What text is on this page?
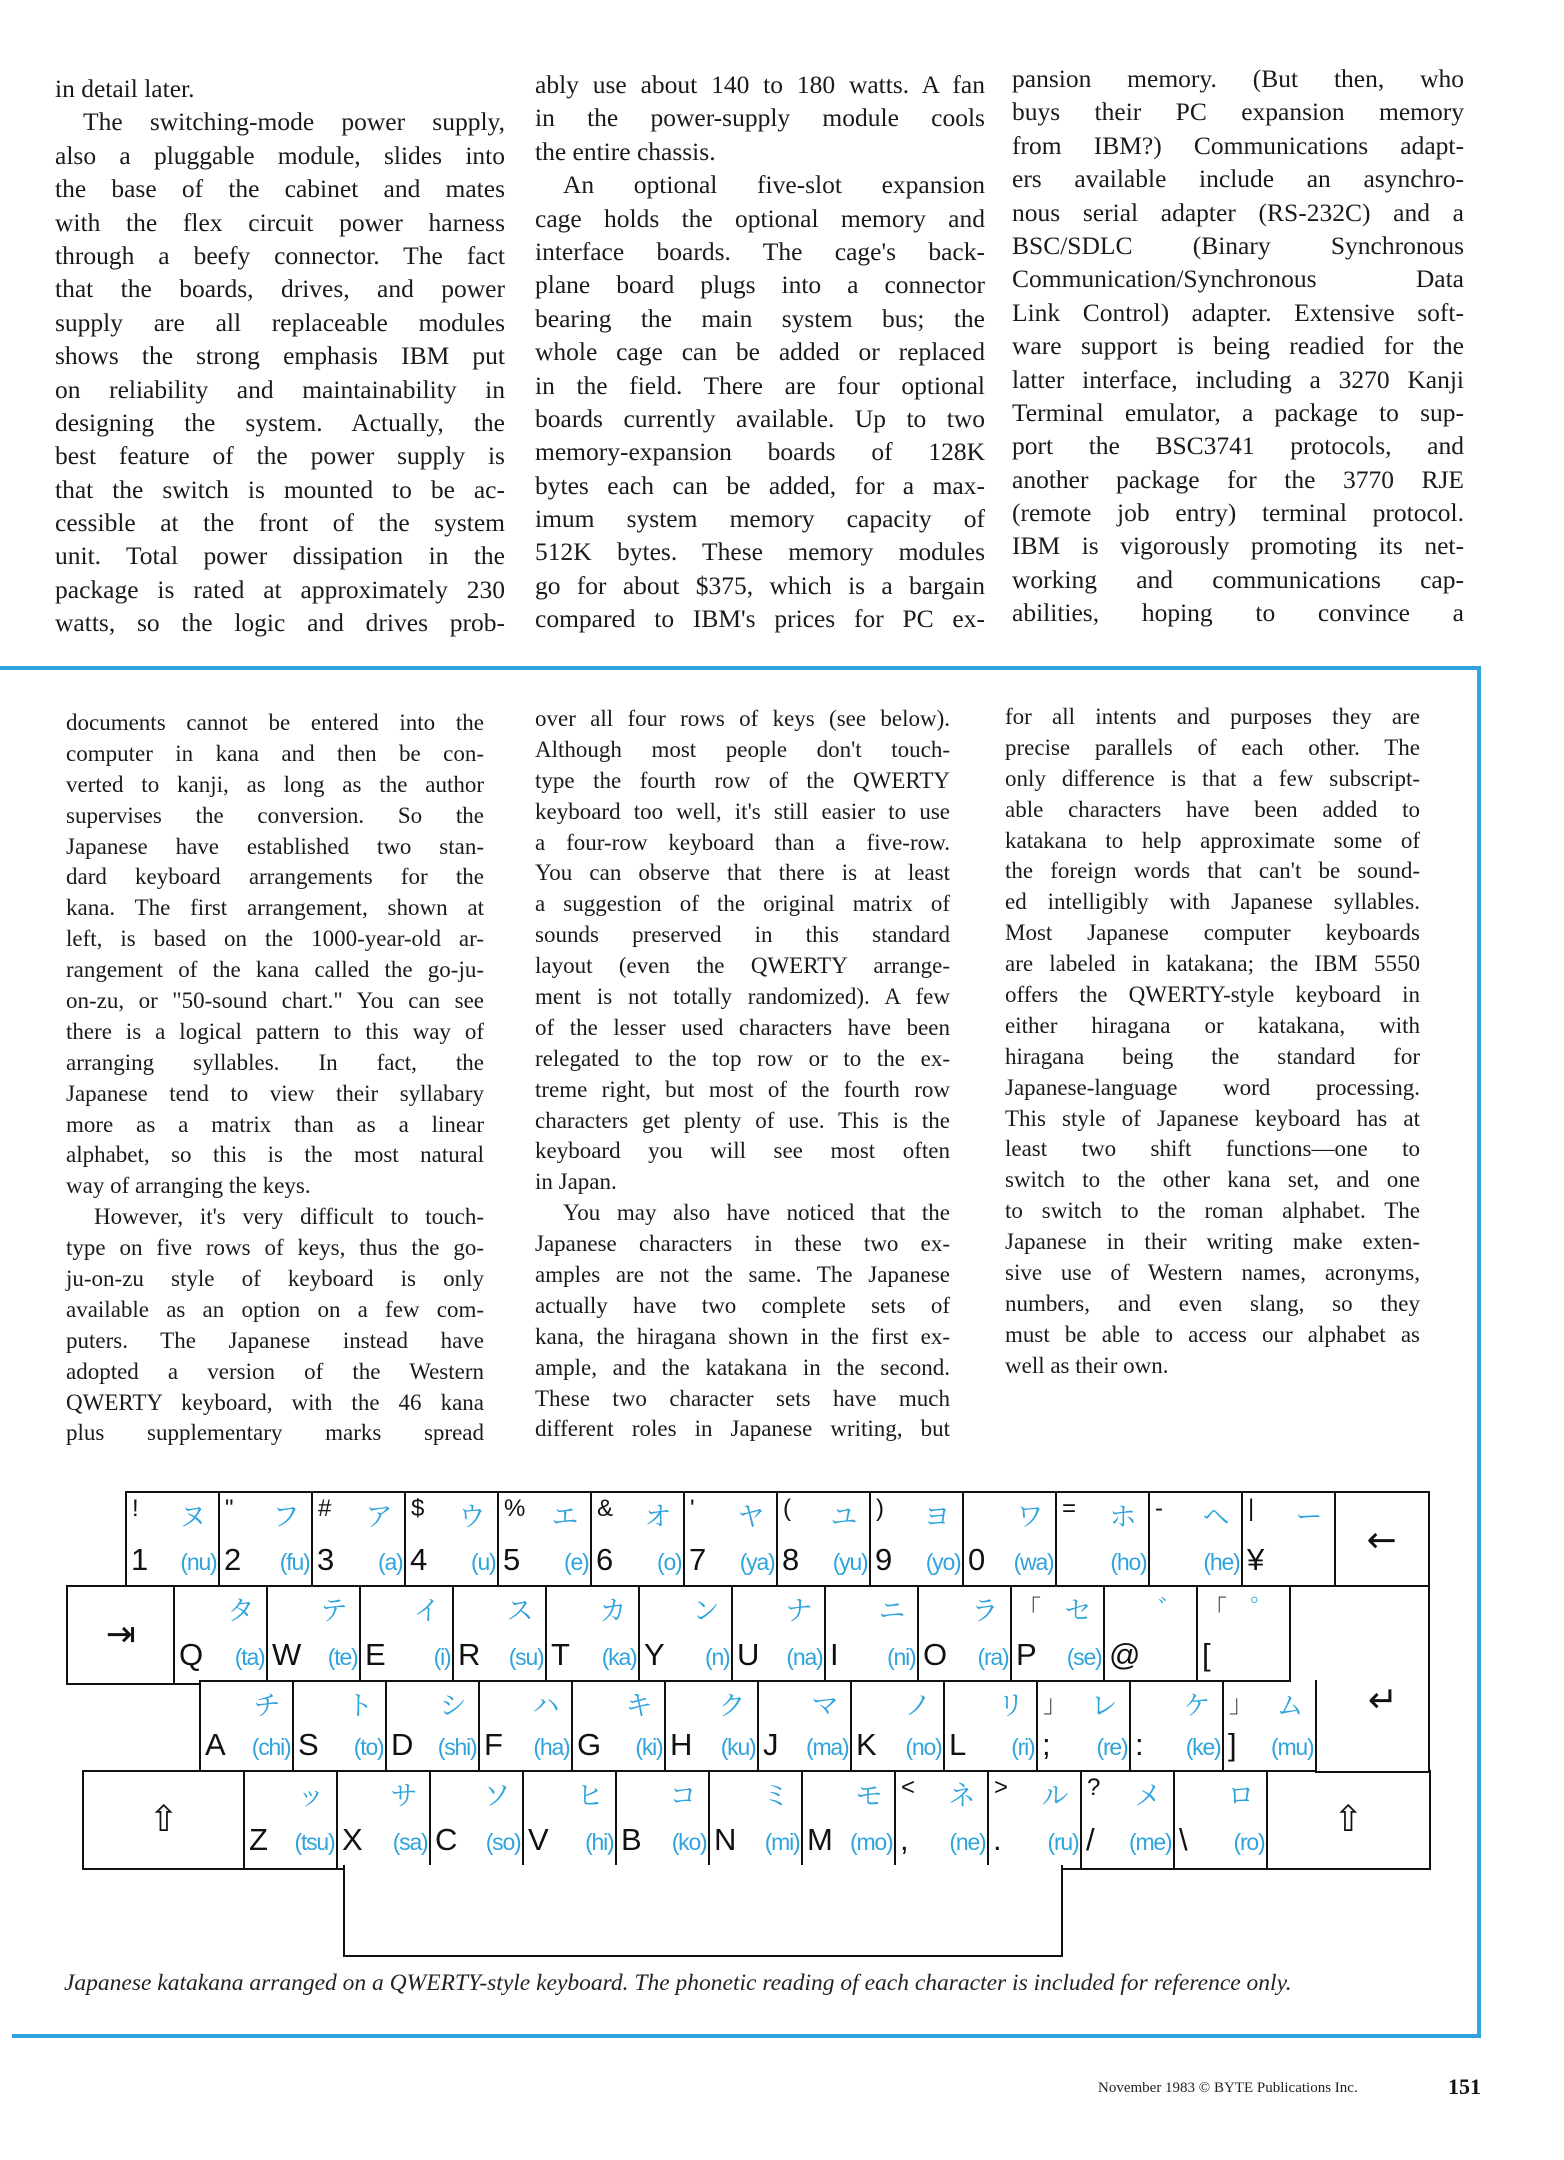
in detail later.
The switching-mode power supply,
also a pluggable module, slides into
the base of the cabinet and mates
with the flex circuit power harness
through a beefy connector. The fact
that the boards, drives, and power
supply are all replaceable modules
shows the strong emphasis IBM put
on reliability and maintainability in
designing the system. Actually, the
best feature of the power supply is
that the switch is mounted to be ac-
cessible at the front of the system
unit. Total power dissipation in the
package is rated at approximately 230
watts, so the logic and drives prob-
ably use about 140 to 180 watts. A fan
in the power-supply module cools
the entire chassis.
An optional five-slot expansion
cage holds the optional memory and
interface boards. The cage's back-
plane board plugs into a connector
bearing the main system bus; the
whole cage can be added or replaced
in the field. There are four optional
boards currently available. Up to two
memory-expansion boards of 128K
bytes each can be added, for a max-
imum system memory capacity of
512K bytes. These memory modules
go for about $375, which is a bargain
compared to IBM's prices for PC ex-
pansion memory. (But then, who
buys their PC expansion memory
from IBM?) Communications adapt-
ers available include an asynchro-
nous serial adapter (RS-232C) and a
BSC/SDLC (Binary Synchronous
Communication/Synchronous Data
Link Control) adapter. Extensive soft-
ware support is being readied for the
latter interface, including a 3270 Kanji
Terminal emulator, a package to sup-
port the BSC3741 protocols, and
another package for the 3770 RJE
(remote job entry) terminal protocol.
IBM is vigorously promoting its net-
working and communications cap-
abilities, hoping to convince a
documents cannot be entered into the
computer in kana and then be con-
verted to kanji, as long as the author
supervises the conversion. So the
Japanese have established two stan-
dard keyboard arrangements for the
kana. The first arrangement, shown at
left, is based on the 1000-year-old ar-
rangement of the kana called the go-ju-
on-zu, or "50-sound chart." You can see
there is a logical pattern to this way of
arranging syllables. In fact, the
Japanese tend to view their syllabary
more as a matrix than as a linear
alphabet, so this is the most natural
way of arranging the keys.
However, it's very difficult to touch-
type on five rows of keys, thus the go-
ju-on-zu style of keyboard is only
available as an option on a few com-
puters. The Japanese instead have
adopted a version of the Western
QWERTY keyboard, with the 46 kana
plus supplementary marks spread
over all four rows of keys (see below).
Although most people don't touch-
type the fourth row of the QWERTY
keyboard too well, it's still easier to use
a four-row keyboard than a five-row.
You can observe that there is at least
a suggestion of the original matrix of
sounds preserved in this standard
layout (even the QWERTY arrange-
ment is not totally randomized). A few
of the lesser used characters have been
relegated to the top row or to the ex-
treme right, but most of the fourth row
characters get plenty of use. This is the
keyboard you will see most often
in Japan.
You may also have noticed that the
Japanese characters in these two ex-
amples are not the same. The Japanese
actually have two complete sets of
kana, the hiragana shown in the first ex-
ample, and the katakana in the second.
These two character sets have much
different roles in Japanese writing, but
for all intents and purposes they are
precise parallels of each other. The
only difference is that a few subscript-
able characters have been added to
katakana to help approximate some of
the foreign words that can't be sound-
ed intelligibly with Japanese syllables.
Most Japanese computer keyboards
are labeled in katakana; the IBM 5550
offers the QWERTY-style keyboard in
either hiragana or katakana, with
hiragana being the standard for
Japanese-language word processing.
This style of Japanese keyboard has at
least two shift functions—one to
switch to the other kana set, and one
to switch to the roman alphabet. The
Japanese in their writing make exten-
sive use of Western names, acronyms,
numbers, and even slang, so they
must be able to access our alphabet as
well as their own.
! ヌ
1 (nu)
" フ
2 (fu)
# ア
3 (a)
$ ウ
4 (u)
% エ
5 (e)
& オ
6 (o)
' ヤ
7 (ya)
( ユ
8 (yu)
) ヨ
9 (yo)
ワ
0 (wa)
= ホ
(ho)
- ヘ
(he)
| ー
¥	←
⇥
タ
Q (ta)
テ
W (te)
イ
E (i)
ス
R (su)
カ
T (ka)
ン
Y (n)
ナ
U (na)
ニ
I (ni)
ラ
O (ra)
「 セ
P (se)
゛
@
「 ゜
[
チ
A (chi)
ト
S (to)
シ
D (shi)
ハ
F (ha)
キ
G (ki)
ク
H (ku)
マ
J (ma)
ノ
K (no)
リ
L (ri)
」 レ
; (re)
ケ
: (ke)
」 ム
] (mu)
⇧
ッ
Z (tsu)
サ
X (sa)
ソ
C (so)
ヒ
V (hi)
コ
B (ko)
ミ
N (mi)
モ
M (mo)
< ネ
, (ne)
> ル
. (ru)
? メ
/ (me)
ロ
\ (ro)
⇧
↵
Japanese katakana arranged on a QWERTY-style keyboard. The phonetic reading of each character is included for reference only.
November 1983 © BYTE Publications Inc.	151
